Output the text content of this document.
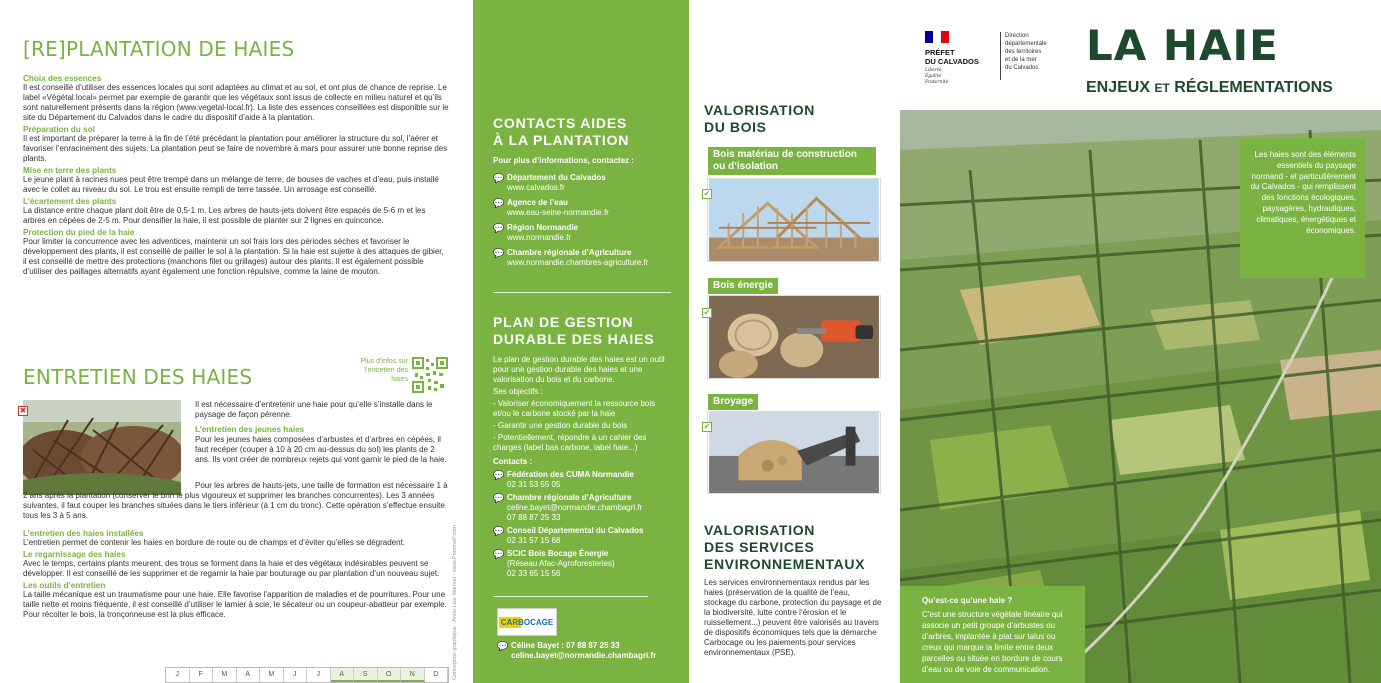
[RE]PLANTATION DE HAIES
Choix des essences

Il est conseillé d’utiliser des essences locales qui sont adaptées au climat et au sol, et ont plus de chance de reprise. Le label «Végétal local» permet par exemple de garantir que les végétaux sont issus de collecte en milieu naturel et qu’ils sont naturellement présents dans la région (www.vegetal-local.fr). La liste des essences conseillées est disponible sur le site du Département du Calvados dans le cadre du dispositif d’aide à la plantation.

Préparation du sol

Il est important de préparer la terre à la fin de l’été précédant la plantation pour améliorer la structure du sol, l’aérer et favoriser l’enracinement des sujets. La plantation peut se faire de novembre à mars pour assurer une bonne reprise des plants.

Mise en terre des plants

Le jeune plant à racines nues peut être trempé dans un mélange de terre, de bouses de vaches et d’eau, puis installé avec le collet au niveau du sol. Le trou est ensuite rempli de terre tassée. Un arrosage est conseillé.

L’écartement des plants

La distance entre chaque plant doit être de 0,5-1 m. Les arbres de hauts-jets doivent être espacés de 5-6 m et les arbres en cépées de 2-5 m. Pour densifier la haie, il est possible de planter sur 2 lignes en quinconce.

Protection du pied de la haie

Pour limiter la concurrence avec les adventices, maintenir un sol frais lors des périodes sèches et favoriser le développement des plants, il est conseillé de pailler le sol à la plantation. Si la haie est sujette à des attaques de gibier, il est conseillé de mettre des protections (manchons filet ou grillages) autour des plants. Il est également possible d’utiliser des paillages alternatifs ayant également une fonction répulsive, comme la laine de mouton.

ENTRETIEN DES HAIES
Plus d’infos sur l’entretien des haies
✖

Il est nécessaire d’entretenir une haie pour qu’elle s’installe dans le paysage de façon pérenne.

L’entretien des jeunes haies

Pour les jeunes haies composées d’arbustes et d’arbres en cépées, il faut recéper (couper à 10 à 20 cm au-dessus du sol) les plants de 2 ans. Ils vont créer de nombreux rejets qui vont garnir le pied de la haie.

Pour les arbres de hauts-jets, une taille de formation est nécessaire 1 à 2 ans après la plantation (conserver le brin le plus vigoureux et supprimer les branches concurrentes). Les 3 années suivantes, il faut couper les branches situées dans le tiers inférieur (à 1 cm du tronc). Cette opération s’effectue ensuite tous les 3 à 5 ans.

L’entretien des haies installées

L’entretien permet de contenir les haies en bordure de route ou de champs et d’éviter qu’elles se dégradent.

Le regarnissage des haies

Avec le temps, certains plants meurent, des trous se forment dans la haie et des végétaux indésirables peuvent se développer. Il est conseillé de les supprimer et de regarnir la haie par bouturage ou par plantation d’un nouveau sujet.

Les outils d’entretien

La taille mécanique est un traumatisme pour une haie. Elle favorise l’apparition de maladies et de pourritures. Pour une taille nette et moins fréquente, il est conseillé d’utiliser le lamier à scie, le sécateur ou un coupeur-abatteur par exemple. Pour récolter le bois, la tronçonneuse est la plus efficace.

J	F	M	A	M	J	J	A	S	O	N	D	Conception graphique : Anne-Lise Marmet - www.PommeP.com
CONTACTS AIDES
À LA PLANTATION
Pour plus d’informations, contactez :
💬 Département du Calvados
www.calvados.fr
💬 Agence de l’eau
www.eau-seine-normandie.fr
💬 Région Normandie
www.normandie.fr
💬 Chambre régionale d’Agriculture
www.normandie.chambres-agriculture.fr
PLAN DE GESTION
DURABLE DES HAIES

Le plan de gestion durable des haies est un outil pour une gestion durable des haies et une valorisation du bois et du carbone.

Ses objectifs :

- Valoriser économiquement la ressource bois et/ou le carbone stocké par la haie

- Garantir une gestion durable du bois

- Potentiellement, répondre à un cahier des charges (label bas carbone, label haie...)

Contacts :
💬 Fédération des CUMA Normandie
02 31 53 55 05
💬 Chambre régionale d’Agriculture
celine.bayet@normandie.chambagri.fr
07 88 87 25 33
💬 Conseil Départemental du Calvados
02 31 57 15 68
💬 SCIC Bois Bocage Énergie
(Réseau Afac-Agroforesteries)
02 33 65 15 56
CARBOCAGE
💬 Céline Bayet : 07 88 87 25 33
celine.bayet@normandie.chambagri.fr
VALORISATION
DU BOIS
VALORISATION
DES SERVICES
ENVIRONNEMENTAUX

Les services environnementaux rendus par les haies (préservation de la qualité de l’eau, stockage du carbone, protection du paysage et de la biodiversité, lutte contre l’érosion et le ruissellement...) peuvent être valorisés au travers de dispositifs économiques tels que la démarche Carbocage ou les paiements pour services environnementaux (PSE).

Bois matériau de construction ou d’isolation
✔
Bois énergie
✔
Broyage
✔
PRÉFET
DU CALVADOS
Liberté
Égalité
Fraternité
Direction
départementale
des territoires
et de la mer
du Calvados LA HAIE
ENJEUX ET RÉGLEMENTATIONS

Les haies sont des éléments essentiels du paysage normand - et particulièrement du Calvados - qui remplissent des fonctions écologiques, paysagères, hydrauliques, climatiques, énergétiques et économiques.

Qu’est-ce qu’une haie ?

C’est une structure végétale linéaire qui associe un petit groupe d’arbustes ou d’arbres, implantée à plat sur talus ou creux qui marque la limite entre deux parcelles ou située en bordure de cours d’eau ou de voie de communication.
